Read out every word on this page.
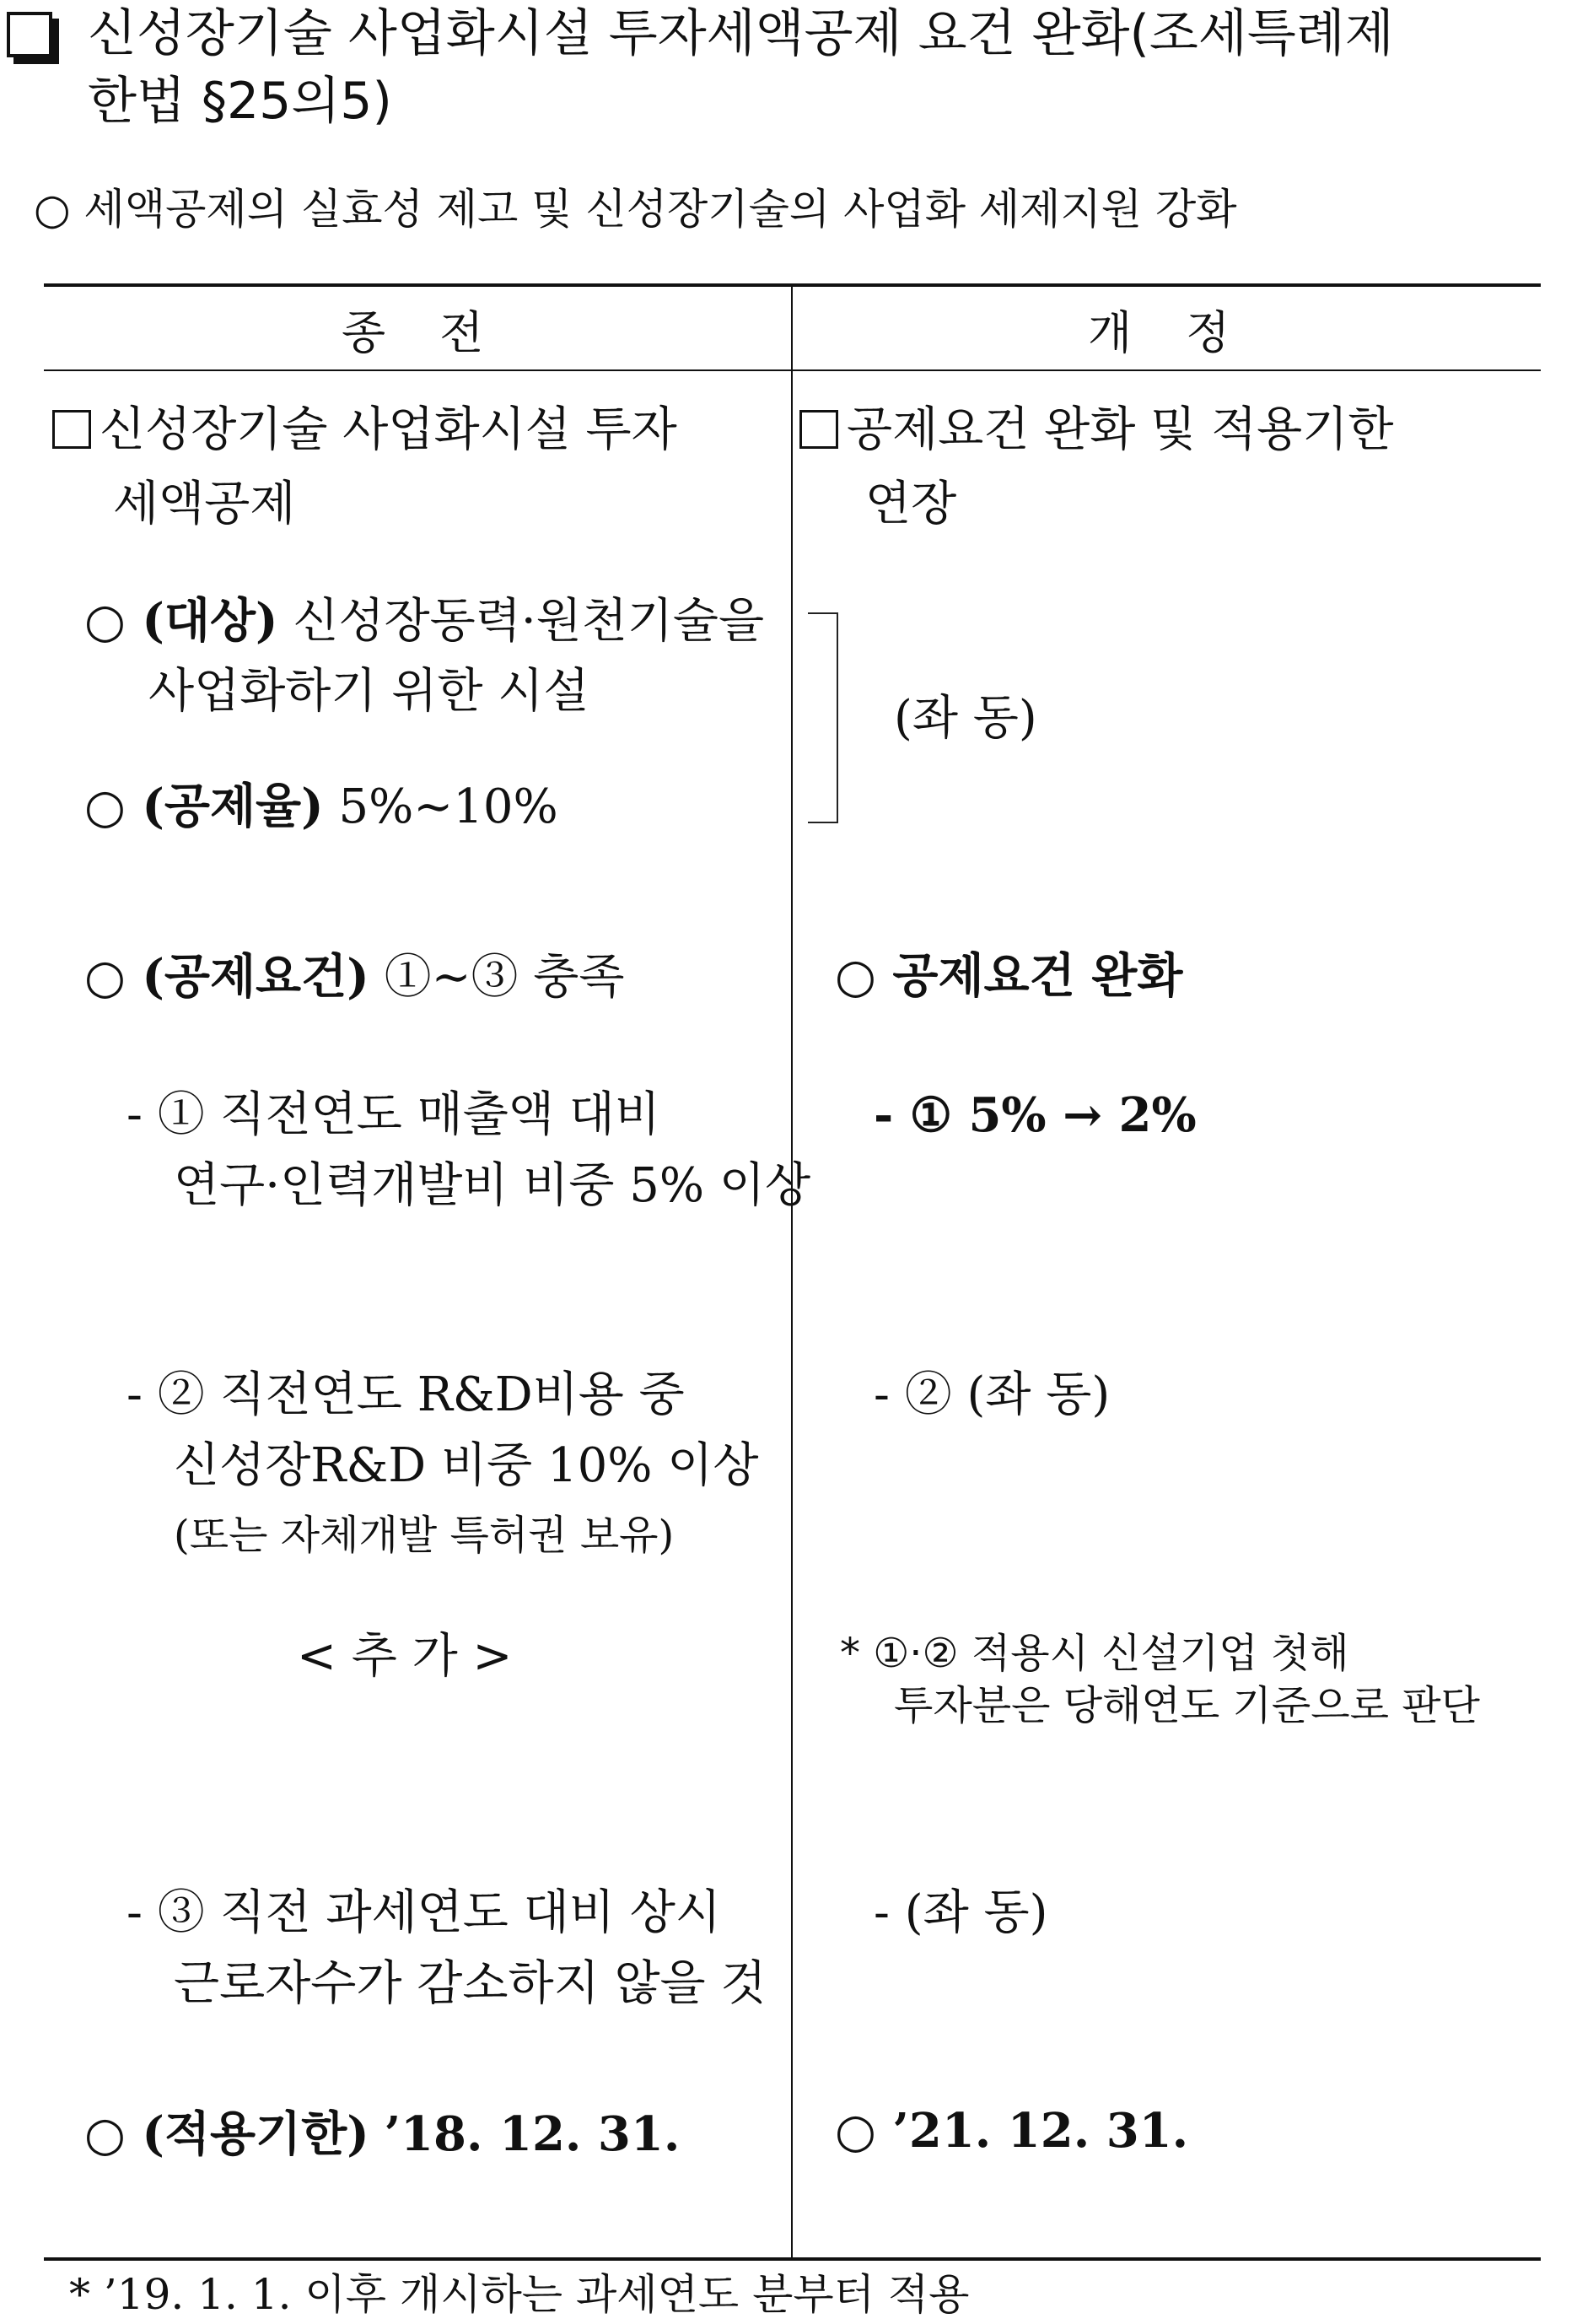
신성장기술 사업화시설 투자세액공제 요건 완화(조세특례제
한법 §25의5)
○ 세액공제의 실효성 제고 및 신성장기술의 사업화 세제지원 강화
종전	개정
신성장기술 사업화시설 투자
세액공제
○ (대상) 신성장동력·원천기술을
사업화하기 위한 시설
○ (공제율) 5%∼10%
○ (공제요건) ①∼③ 충족
- ① 직전연도 매출액 대비
연구·인력개발비 비중 5% 이상
- ② 직전연도 R&D비용 중
신성장R&D 비중 10% 이상
(또는 자체개발 특허권 보유)
< 추 가 >
- ③ 직전 과세연도 대비 상시
근로자수가 감소하지 않을 것
○ (적용기한) ’18. 12. 31.
공제요건 완화 및 적용기한
연장
(좌 동)
○ 공제요건 완화
- ① 5% → 2%
- ② (좌 동)
* ①·② 적용시 신설기업 첫해
투자분은 당해연도 기준으로 판단
- (좌 동)
○ ’21. 12. 31.
* ’19. 1. 1. 이후 개시하는 과세연도 분부터 적용
